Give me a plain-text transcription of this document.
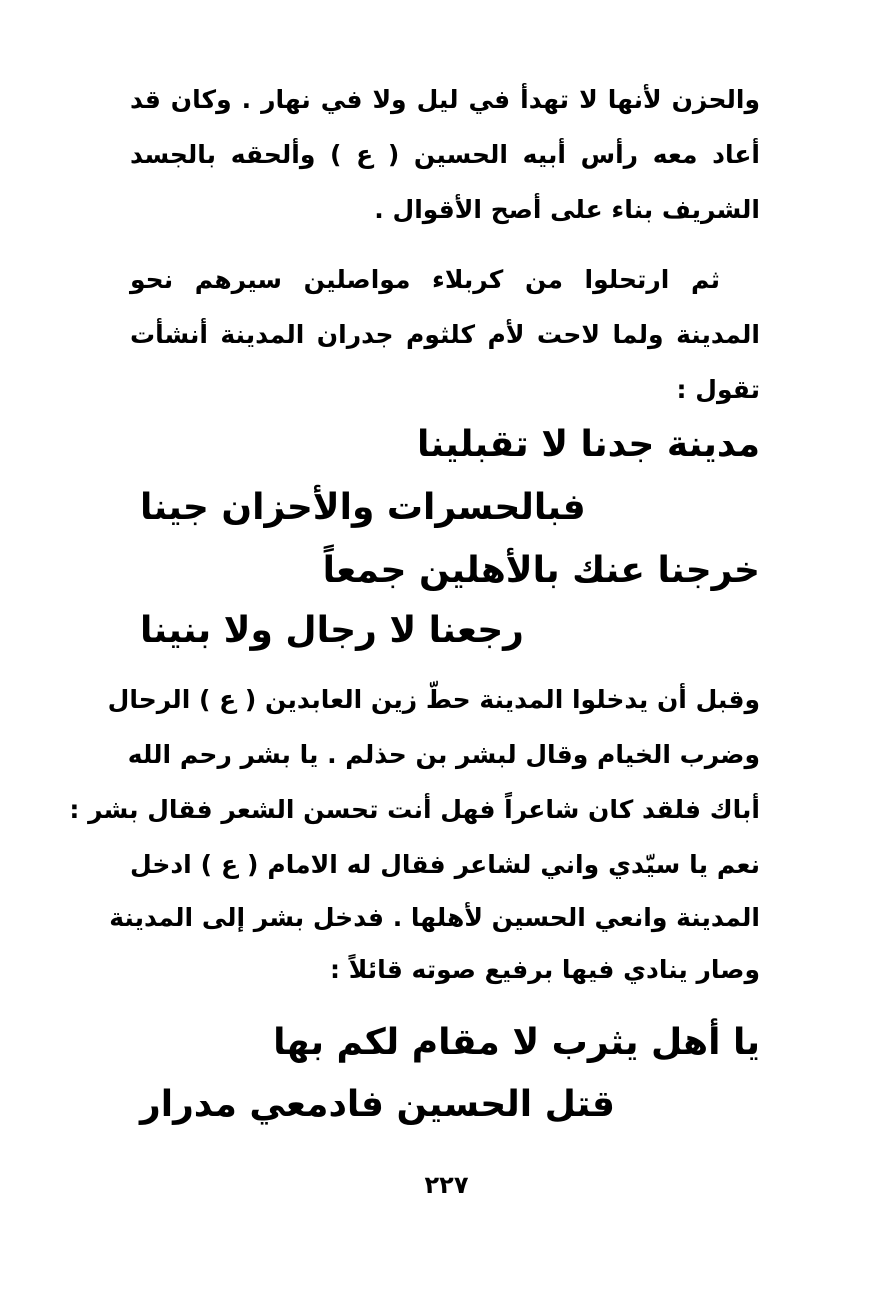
والحزن لأنها لا تهدأ في ليل ولا في نهار . وكان قد
أعاد معه رأس أبيه الحسين ( ع ) وألحقه بالجسد
الشريف بناء على أصح الأقوال .
ثم ارتحلوا من كربلاء مواصلين سيرهم نحو
المدينة ولما لاحت لأم كلثوم جدران المدينة أنشأت
تقول :
مدينة جدنا لا تقبلينا
فبالحسرات والأحزان جينا
خرجنا عنك بالأهلين جمعاً
رجعنا لا رجال ولا بنينا
وقبل أن يدخلوا المدينة حطّ زين العابدين ( ع ) الرحال
وضرب الخيام وقال لبشر بن حذلم . يا بشر رحم الله
أباك فلقد كان شاعراً فهل أنت تحسن الشعر فقال بشر :
نعم يا سيّدي واني لشاعر فقال له الامام ( ع ) ادخل
المدينة وانعي الحسين لأهلها . فدخل بشر إلى المدينة
وصار ينادي فيها برفيع صوته قائلاً :
يا أهل يثرب لا مقام لكم بها
قتل الحسين فادمعي مدرار
٢٢٧
